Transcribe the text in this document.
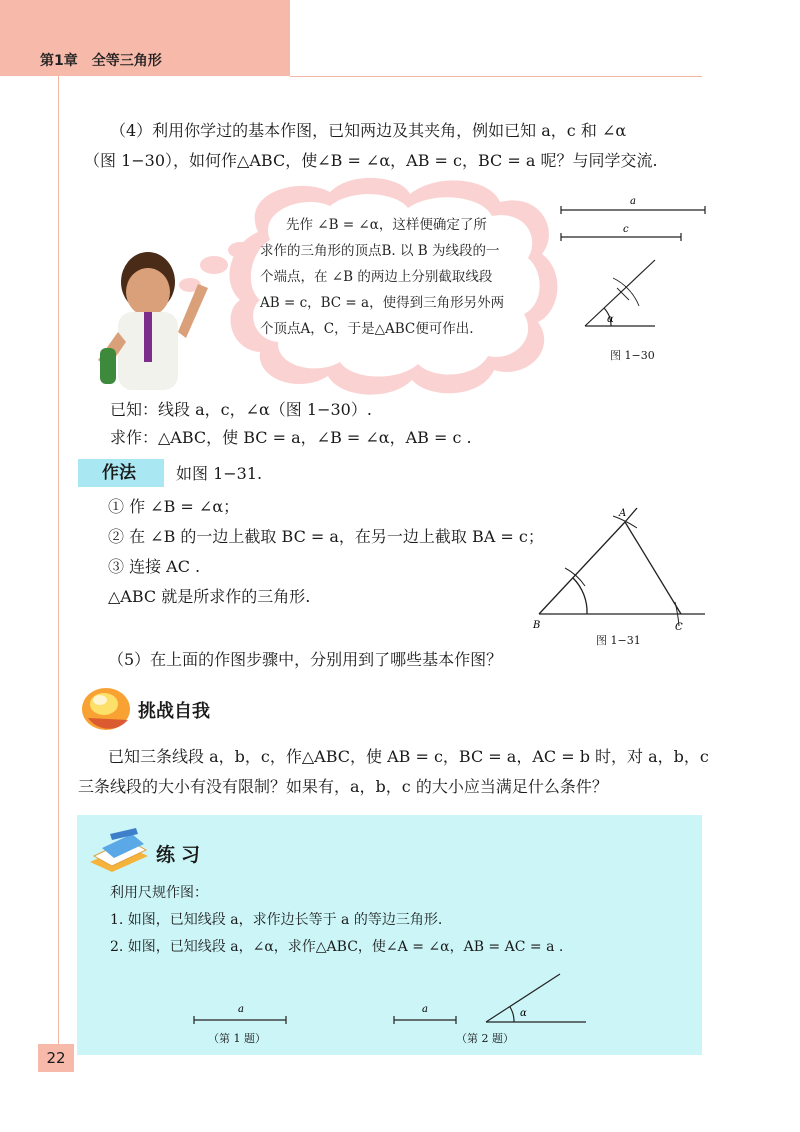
第1章　全等三角形
（4）利用你学过的基本作图，已知两边及其夹角，例如已知 a，c 和 ∠α
（图 1−30），如何作△ABC，使∠B = ∠α，AB = c，BC = a 呢？与同学交流.
先作 ∠B = ∠α，这样便确定了所
求作的三角形的顶点B. 以 B 为线段的一
个端点，在 ∠B 的两边上分别截取线段
AB = c，BC = a，使得到三角形另外两
个顶点A，C，于是△ABC便可作出.
a
c
α
图 1−30
已知：线段 a，c，∠α（图 1−30）.
求作：△ABC，使 BC = a，∠B = ∠α，AB = c .
作法	如图 1−31.
① 作 ∠B = ∠α；
② 在 ∠B 的一边上截取 BC = a，在另一边上截取 BA = c；
③ 连接 AC .
△ABC 就是所求作的三角形.
A
B	C
图 1−31
（5）在上面的作图步骤中，分别用到了哪些基本作图？
挑战自我
已知三条线段 a，b，c，作△ABC，使 AB = c，BC = a，AC = b 时，对 a，b，c
三条线段的大小有没有限制？如果有，a，b，c 的大小应当满足什么条件？
练习
利用尺规作图：
1. 如图，已知线段 a，求作边长等于 a 的等边三角形.
2. 如图，已知线段 a，∠α，求作△ABC，使∠A = ∠α，AB = AC = a .
a	a	α
（第 1 题）	（第 2 题）
22
